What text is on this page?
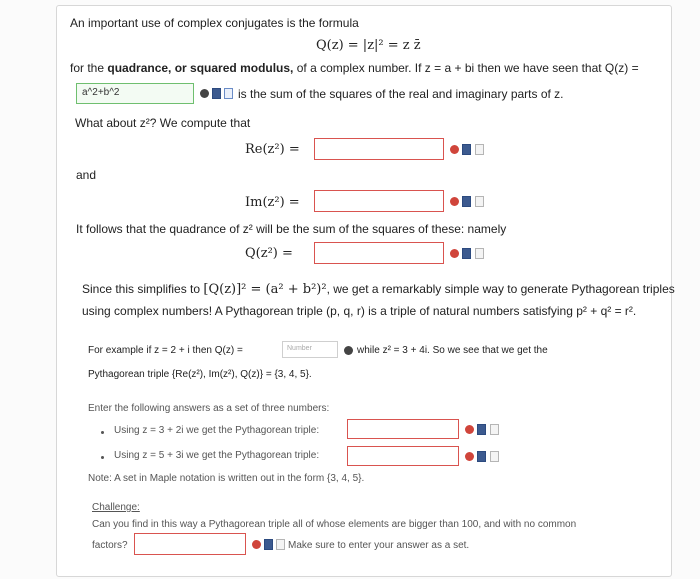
An important use of complex conjugates is the formula
Q(z) = |z|² = z z̄
for the quadrance, or squared modulus, of a complex number. If z = a + bi then we have seen that Q(z) =
a^2+b^2	is the sum of the squares of the real and imaginary parts of z.
What about z²? We compute that
Re(z²) =
and
Im(z²) =
It follows that the quadrance of z² will be the sum of the squares of these: namely
Q(z²) =
Since this simplifies to [Q(z)]² = (a² + b²)², we get a remarkably simple way to generate Pythagorean triples
using complex numbers! A Pythagorean triple (p, q, r) is a triple of natural numbers satisfying p² + q² = r².
For example if z = 2 + i then Q(z) =	Number	while z² = 3 + 4i. So we see that we get the
Pythagorean triple {Re(z²), Im(z²), Q(z)} = {3, 4, 5}.
Enter the following answers as a set of three numbers:
Using z = 3 + 2i we get the Pythagorean triple:
Using z = 5 + 3i we get the Pythagorean triple:
Note: A set in Maple notation is written out in the form {3, 4, 5}.
Challenge:
Can you find in this way a Pythagorean triple all of whose elements are bigger than 100, and with no common
factors?	Make sure to enter your answer as a set.
